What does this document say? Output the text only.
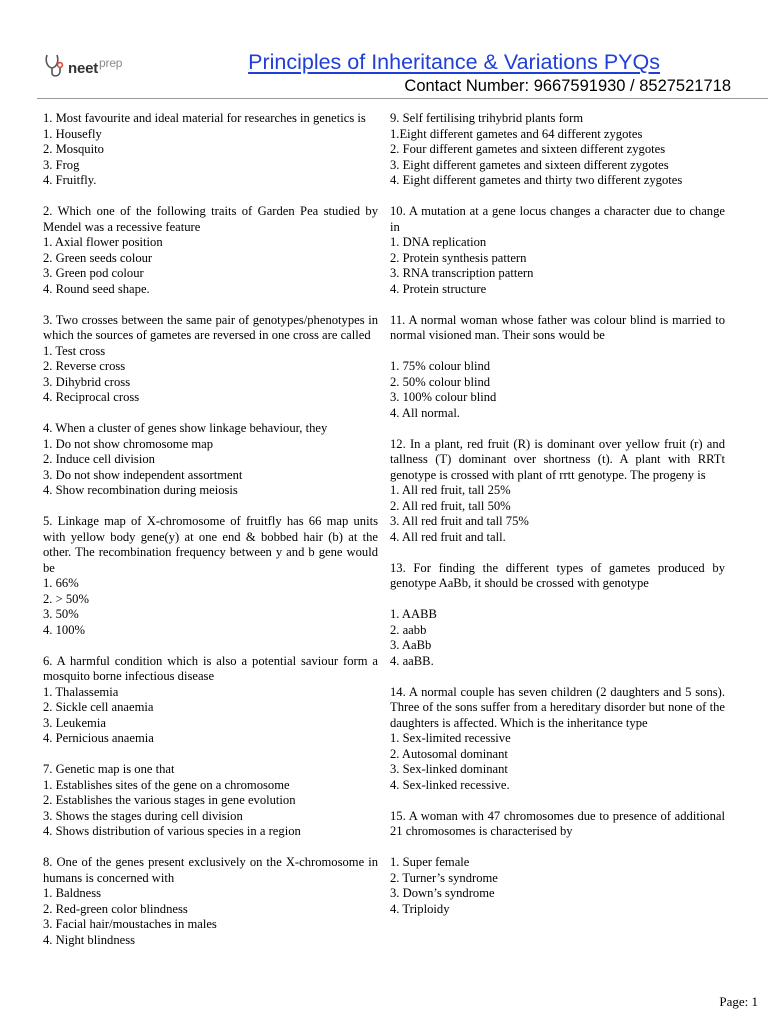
neet$^{prep}$	Principles of Inheritance & Variations PYQs
Contact Number: 9667591930 / 8527521718
1. Most favourite and ideal material for researches in genetics is
1. Housefly
2. Mosquito
3. Frog
4. Fruitfly.
2. Which one of the following traits of Garden Pea studied by Mendel was a recessive feature
1. Axial flower position
2. Green seeds colour
3. Green pod colour
4. Round seed shape.
3. Two crosses between the same pair of genotypes/phenotypes in which the sources of gametes are reversed in one cross are called
1. Test cross
2. Reverse cross
3. Dihybrid cross
4. Reciprocal cross
4. When a cluster of genes show linkage behaviour, they
1. Do not show chromosome map
2. Induce cell division
3. Do not show independent assortment
4. Show recombination during meiosis
5. Linkage map of X-chromosome of fruitfly has 66 map units with yellow body gene(y) at one end & bobbed hair (b) at the other. The recombination frequency between y and b gene would be
1. 66%
2. > 50%
3. 50%
4. 100%
6. A harmful condition which is also a potential saviour form a mosquito borne infectious disease
1. Thalassemia
2. Sickle cell anaemia
3. Leukemia
4. Pernicious anaemia
7. Genetic map is one that
1. Establishes sites of the gene on a chromosome
2. Establishes the various stages in gene evolution
3. Shows the stages during cell division
4. Shows distribution of various species in a region
8. One of the genes present exclusively on the X-chromosome in humans is concerned with
1. Baldness
2. Red-green color blindness
3. Facial hair/moustaches in males
4. Night blindness
9. Self fertilising trihybrid plants form
1.Eight different gametes and 64 different zygotes
2. Four different gametes and sixteen different zygotes
3. Eight different gametes and sixteen different zygotes
4. Eight different gametes and thirty two different zygotes
10. A mutation at a gene locus changes a character due to change in
1. DNA replication
2. Protein synthesis pattern
3. RNA transcription pattern
4. Protein structure
11. A normal woman whose father was colour blind is married to normal visioned man. Their sons would be
1. 75% colour blind
2. 50% colour blind
3. 100% colour blind
4. All normal.
12. In a plant, red fruit (R) is dominant over yellow fruit (r) and tallness (T) dominant over shortness (t). A plant with RRTt genotype is crossed with plant of rrtt genotype. The progeny is
1. All red fruit, tall 25%
2. All red fruit, tall 50%
3. All red fruit and tall 75%
4. All red fruit and tall.
13. For finding the different types of gametes produced by genotype AaBb, it should be crossed with genotype
1. AABB
2. aabb
3. AaBb
4. aaBB.
14. A normal couple has seven children (2 daughters and 5 sons). Three of the sons suffer from a hereditary disorder but none of the daughters is affected. Which is the inheritance type
1. Sex-limited recessive
2. Autosomal dominant
3. Sex-linked dominant
4. Sex-linked recessive.
15. A woman with 47 chromosomes due to presence of additional 21 chromosomes is characterised by
1. Super female
2. Turner’s syndrome
3. Down’s syndrome
4. Triploidy
Page: 1
